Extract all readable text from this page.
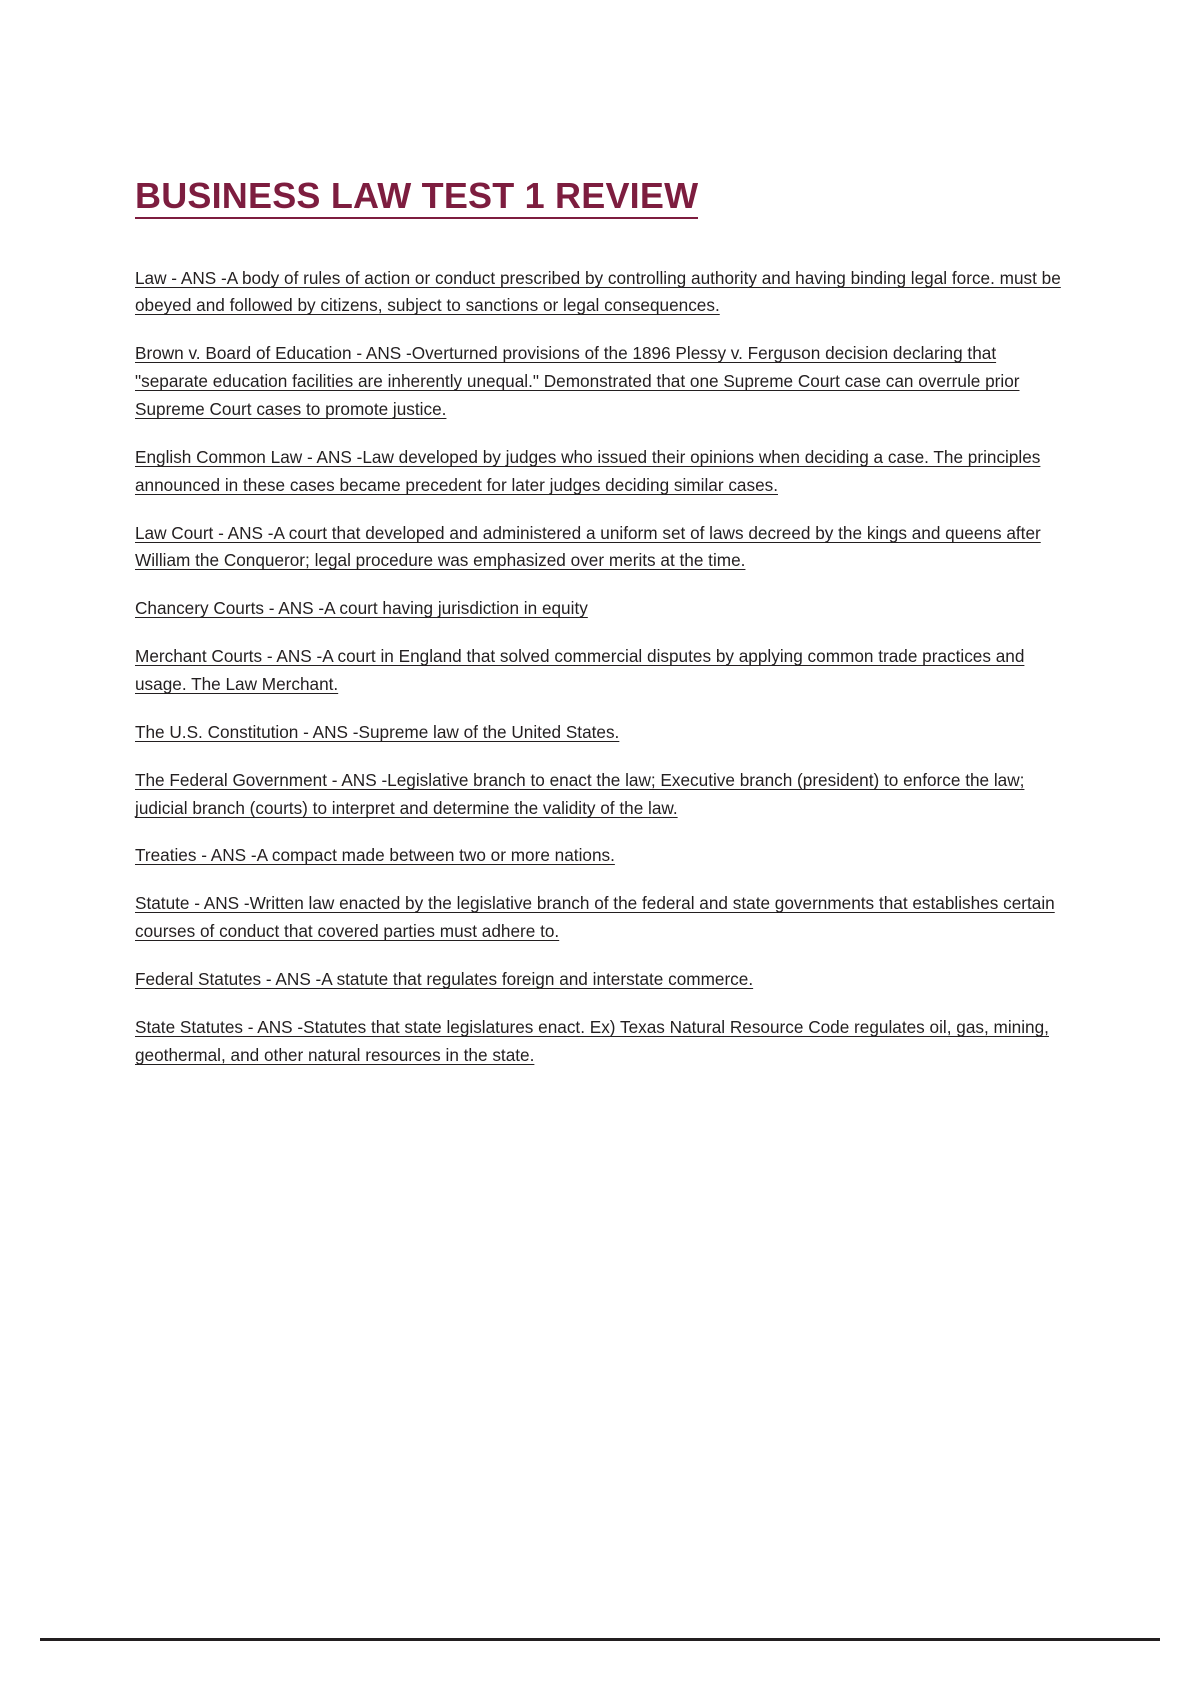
BUSINESS LAW TEST 1 REVIEW

Law - ANS -A body of rules of action or conduct prescribed by controlling authority and having binding legal force. must be obeyed and followed by citizens, subject to sanctions or legal consequences.

Brown v. Board of Education - ANS -Overturned provisions of the 1896 Plessy v. Ferguson decision declaring that "separate education facilities are inherently unequal." Demonstrated that one Supreme Court case can overrule prior Supreme Court cases to promote justice.

English Common Law - ANS -Law developed by judges who issued their opinions when deciding a case. The principles announced in these cases became precedent for later judges deciding similar cases.

Law Court - ANS -A court that developed and administered a uniform set of laws decreed by the kings and queens after William the Conqueror; legal procedure was emphasized over merits at the time.

Chancery Courts - ANS -A court having jurisdiction in equity

Merchant Courts - ANS -A court in England that solved commercial disputes by applying common trade practices and usage. The Law Merchant.

The U.S. Constitution - ANS -Supreme law of the United States.

The Federal Government - ANS -Legislative branch to enact the law; Executive branch (president) to enforce the law; judicial branch (courts) to interpret and determine the validity of the law.

Treaties - ANS -A compact made between two or more nations.

Statute - ANS -Written law enacted by the legislative branch of the federal and state governments that establishes certain courses of conduct that covered parties must adhere to.

Federal Statutes - ANS -A statute that regulates foreign and interstate commerce.

State Statutes - ANS -Statutes that state legislatures enact. Ex) Texas Natural Resource Code regulates oil, gas, mining, geothermal, and other natural resources in the state.
